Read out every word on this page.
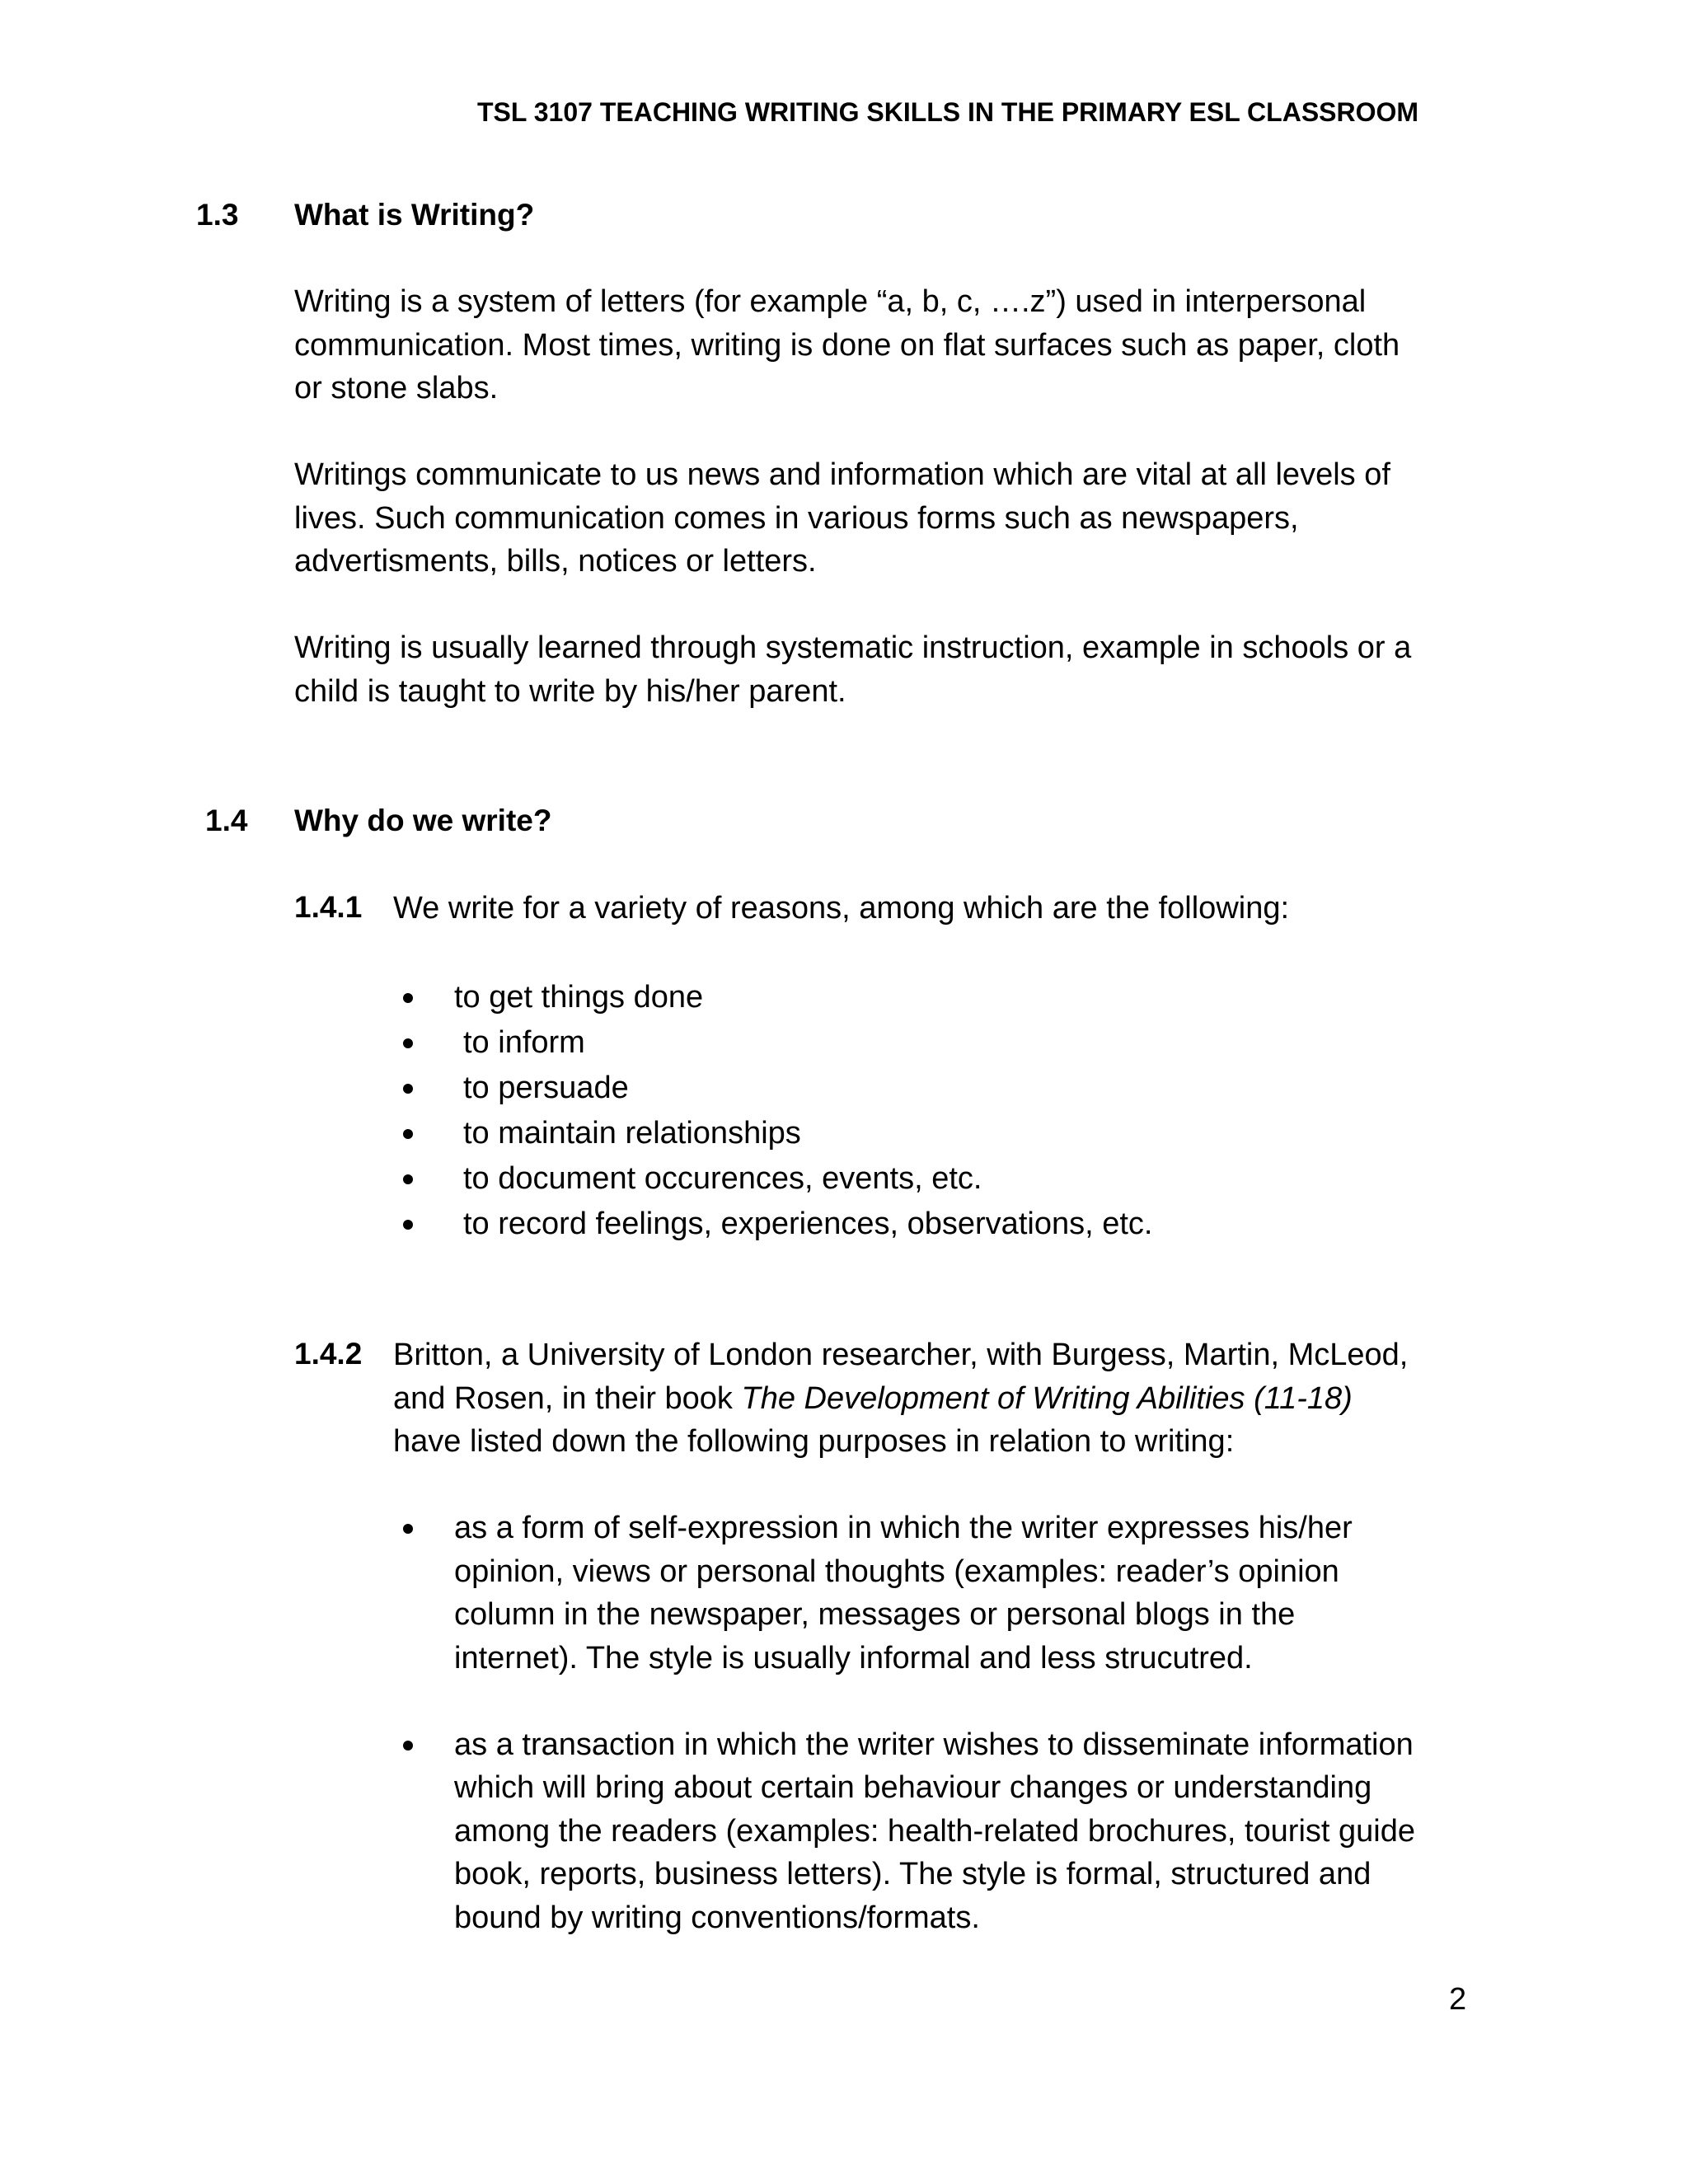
TSL 3107 TEACHING WRITING SKILLS IN THE PRIMARY ESL CLASSROOM
1.3 What is Writing?
Writing is a system of letters (for example “a, b, c, ….z”) used in interpersonal
communication. Most times, writing is done on flat surfaces such as paper, cloth
or stone slabs.
Writings communicate to us news and information which are vital at all levels of
lives. Such communication comes in various forms such as newspapers,
advertisments, bills, notices or letters.
Writing is usually learned through systematic instruction, example in schools or a
child is taught to write by his/her parent.
1.4 Why do we write?
1.4.1 We write for a variety of reasons, among which are the following:
to get things done

to inform

to persuade

to maintain relationships

to document occurences, events, etc.

to record feelings, experiences, observations, etc.

1.4.2 Britton, a University of London researcher, with Burgess, Martin, McLeod,
and Rosen, in their book The Development of Writing Abilities (11-18)
have listed down the following purposes in relation to writing:
as a form of self-expression in which the writer expresses his/her
opinion, views or personal thoughts (examples: reader’s opinion
column in the newspaper, messages or personal blogs in the
internet). The style is usually informal and less strucutred.
as a transaction in which the writer wishes to disseminate information
which will bring about certain behaviour changes or understanding
among the readers (examples: health-related brochures, tourist guide
book, reports, business letters). The style is formal, structured and
bound by writing conventions/formats.
2
